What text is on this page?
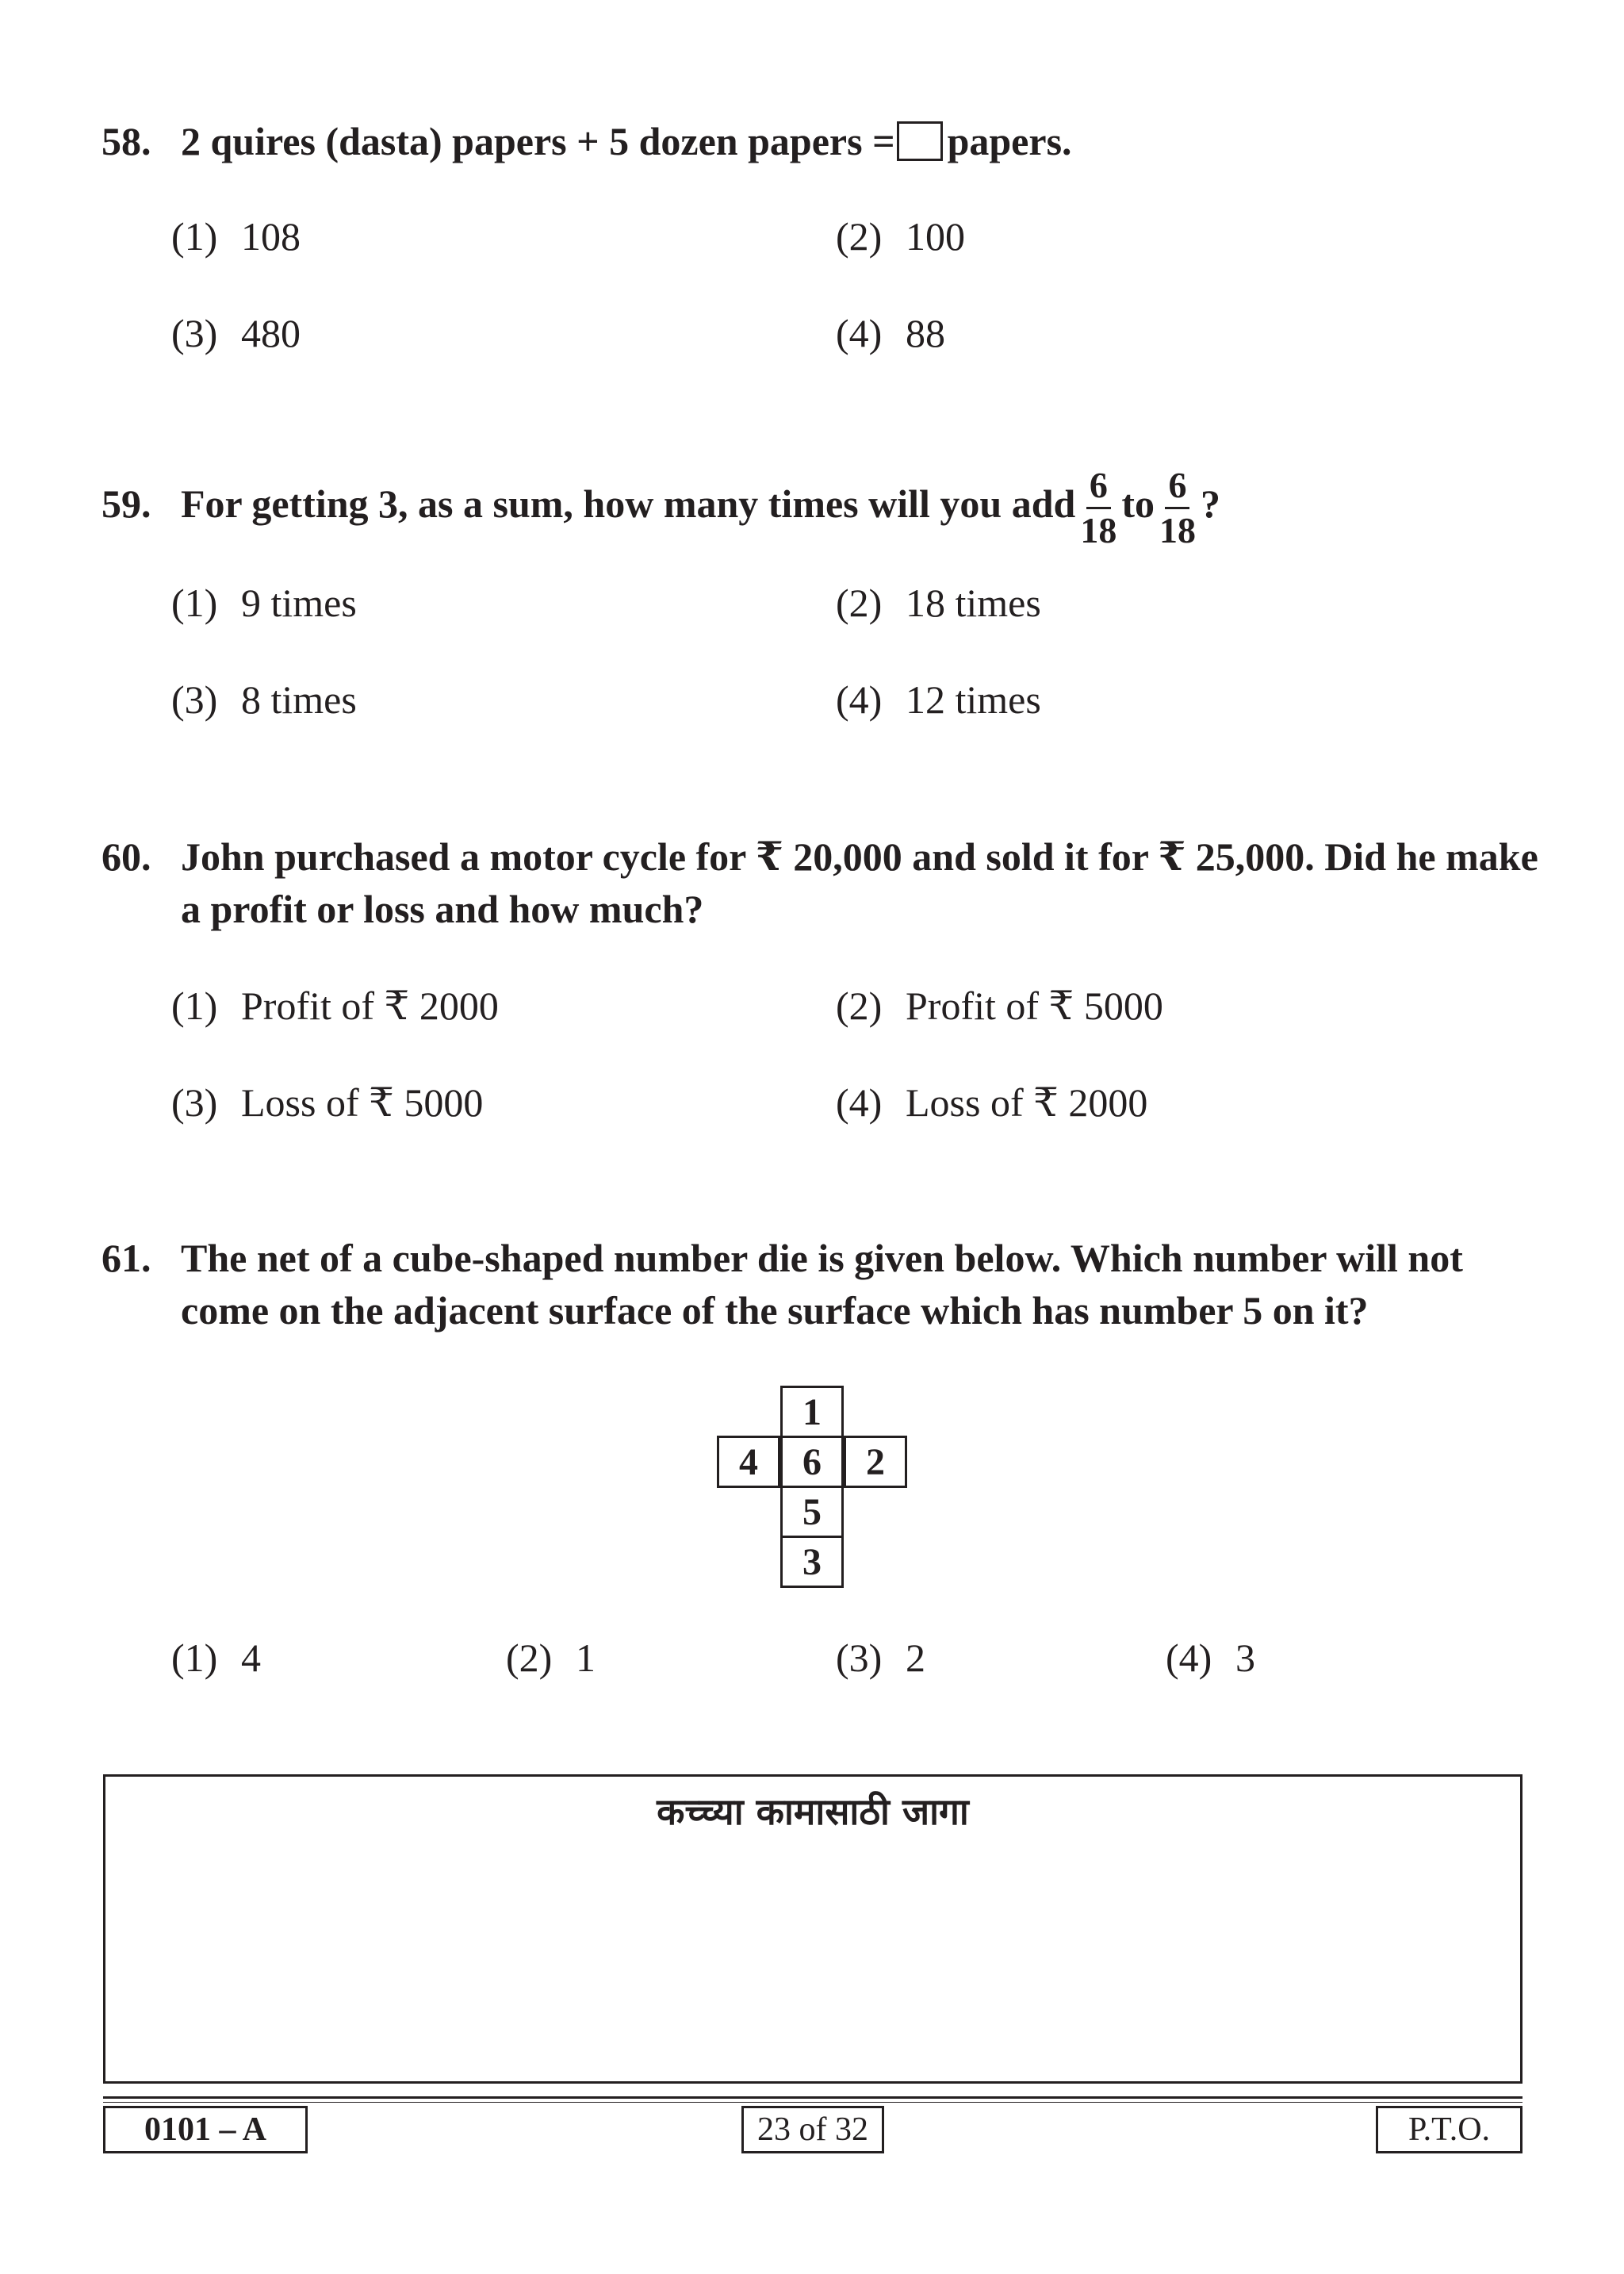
58. 2 quires (dasta) papers + 5 dozen papers = papers.

(1) 108	(2) 100

(3) 480	(4) 88

59. For getting 3, as a sum, how many times will you add $\frac{6}{18}$ to $\frac{6}{18}$ ?

(1) 9 times	(2) 18 times

(3) 8 times	(4) 12 times

60. John purchased a motor cycle for ₹ 20,000 and sold it for ₹ 25,000. Did he make a profit or loss and how much?

(1) Profit of ₹ 2000	(2) Profit of ₹ 5000

(3) Loss of ₹ 5000	(4) Loss of ₹ 2000

61. The net of a cube-shaped number die is given below. Which number will not come on the adjacent surface of the surface which has number 5 on it?
1
4	6	2
5
3

(1) 4	(2) 1	(3) 2	(4) 3

कच्च्या कामासाठी जागा
0101 – A	23 of 32	P.T.O.
